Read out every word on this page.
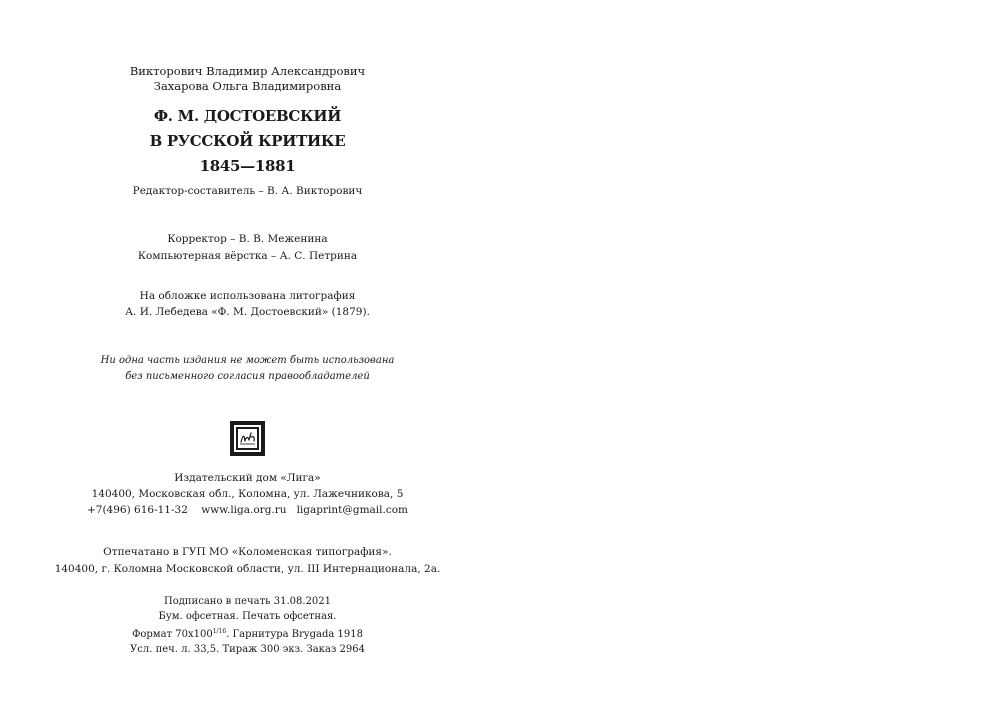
Викторович Владимир Александрович
Захарова Ольга Владимировна
Ф. М. ДОСТОЕВСКИЙ
В РУССКОЙ КРИТИКЕ
1845—1881
Редактор-составитель – В. А. Викторович
Корректор – В. В. Меженина
Компьютерная вёрстка – А. С. Петрина
На обложке использована литография
А. И. Лебедева «Ф. М. Достоевский» (1879).
Ни одна часть издания не может быть использована
без письменного согласия правообладателей
Издательский дом «Лига»
140400, Московская обл., Коломна, ул. Лажечникова, 5
+7(496) 616-11-32 www.liga.org.ru ligaprint@gmail.com
Отпечатано в ГУП МО «Коломенская типография».
140400, г. Коломна Московской области, ул. III Интернационала, 2а.
Подписано в печать 31.08.2021
Бум. офсетная. Печать офсетная.
Формат $70х100^{1/16}$. Гарнитура Brygada 1918
Усл. печ. л. 33,5. Тираж 300 экз. Заказ 2964
